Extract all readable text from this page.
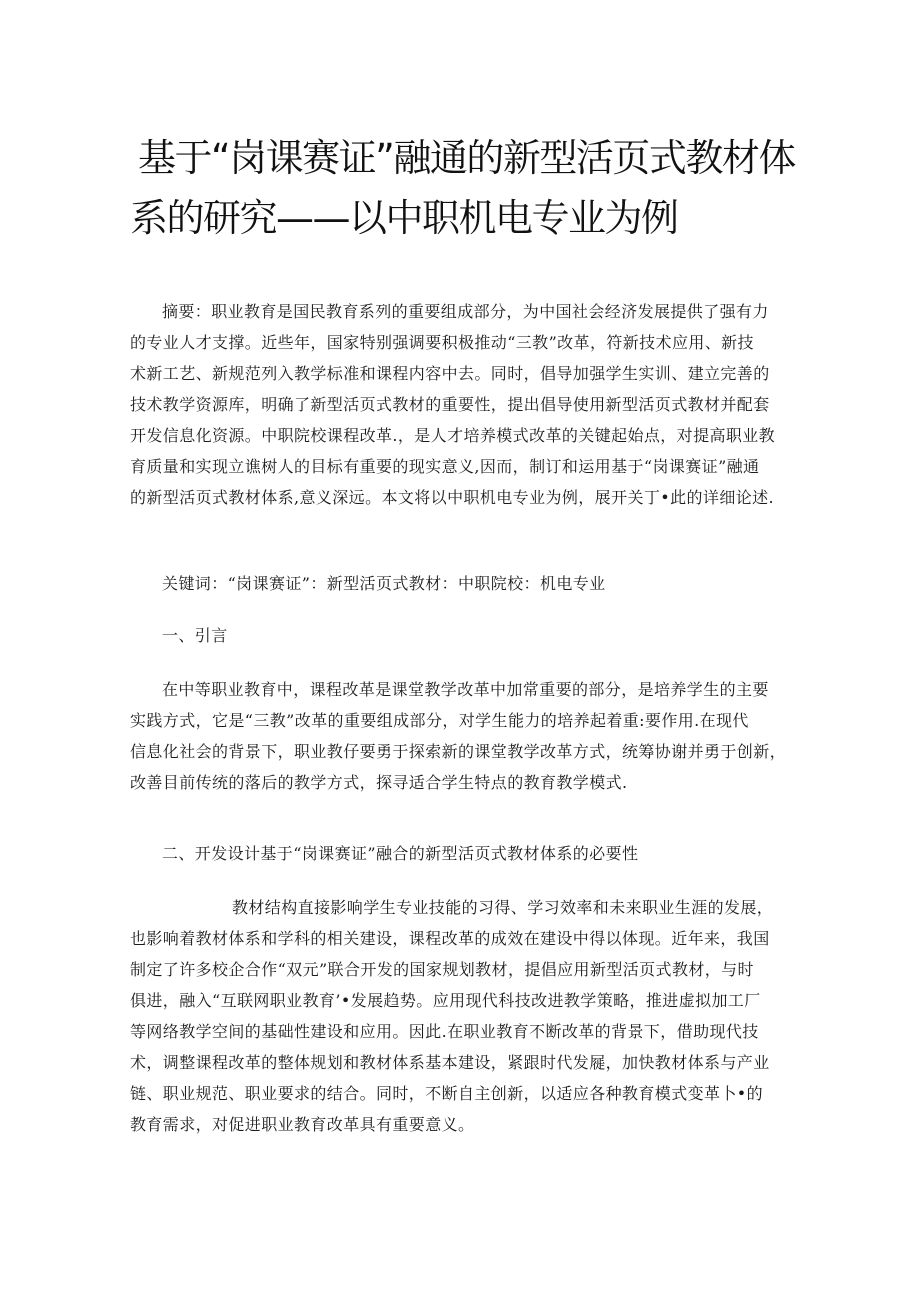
基于“岗课赛证”融通的新型活页式教材体
系的研究——以中职机电专业为例
摘要：职业教育是国民教育系列的重要组成部分，为中国社会经济发展提供了强有力
的专业人才支撑。近些年，国家特别强调要积极推动“三教”改革，符新技术应用、新技
术新工艺、新规范列入教学标准和课程内容中去。同时，倡导加强学生实训、建立完善的
技术教学资源库，明确了新型活页式教材的重要性，提出倡导使用新型活页式教材并配套
开发信息化资源。中职院校课程改革.，是人才培养模式改革的关键起始点，对提高职业教
育质量和实现立谯树人的目标有重要的现实意义,因而，制订和运用基于“岗课赛证”融通
的新型活页式教材体系,意义深远。本文将以中职机电专业为例，展开关丁•此的详细论述.
关键词：“岗课赛证”：新型活页式教材：中职院校：机电专业
一、引言
在中等职业教育中，课程改革是课堂教学改革中加常重要的部分，是培养学生的主要
实践方式，它是“三教”改革的重要组成部分，对学生能力的培养起着重:要作用.在现代
信息化社会的背景下，职业教仔要勇于探索新的课堂教学改革方式，统筹协谢并勇于创新，
改善目前传统的落后的教学方式，探寻适合学生特点的教育教学模式.
二、开发设计基于“岗课赛证”融合的新型活页式教材体系的必要性
教材结构直接影响学生专业技能的习得、学习效率和未来职业生涯的发展，
也影响着教材体系和学科的相关建设，课程改革的成效在建设中得以体现。近年来，我国
制定了许多校企合作“双元”联合开发的国家规划教材，提倡应用新型活页式教材，与时
俱进，融入“互联网职业教育’•发展趋势。应用现代科技改进教学策略，推进虚拟加工厂
等网络教学空间的基础性建设和应用。因此.在职业教育不断改革的背景下，借助现代技
术，调整课程改革的整体规划和教材体系基本建设，紧跟时代发屣，加快教材体系与产业
链、职业规范、职业要求的结合。同时，不断自主创新，以适应各种教育模式变革卜•的
教育需求，对促进职业教育改革具有重要意义。
